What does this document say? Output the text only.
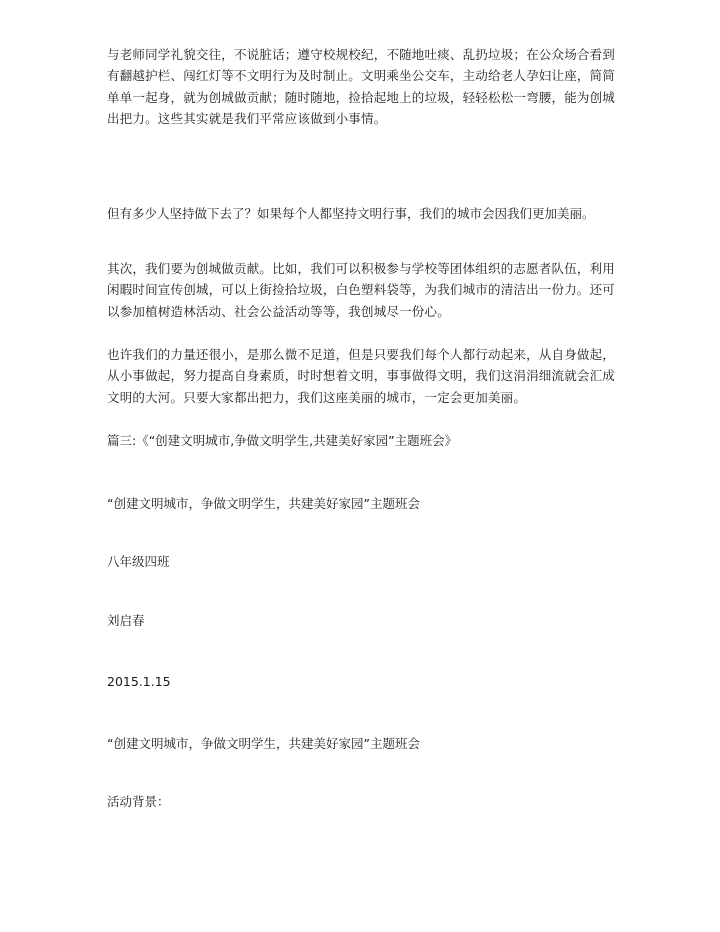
与老师同学礼貌交往，不说脏话；遵守校规校纪，不随地吐痰、乱扔垃圾；在公众场合看到有翻越护栏、闯红灯等不文明行为及时制止。文明乘坐公交车，主动给老人孕妇让座，简简单单一起身，就为创城做贡献；随时随地，捡拾起地上的垃圾，轻轻松松一弯腰，能为创城出把力。这些其实就是我们平常应该做到小事情。

但有多少人坚持做下去了？如果每个人都坚持文明行事，我们的城市会因我们更加美丽。

其次，我们要为创城做贡献。比如，我们可以积极参与学校等团体组织的志愿者队伍，利用闲暇时间宣传创城，可以上街捡拾垃圾，白色塑料袋等，为我们城市的清洁出一份力。还可以参加植树造林活动、社会公益活动等等，我创城尽一份心。

也许我们的力量还很小，是那么微不足道，但是只要我们每个人都行动起来，从自身做起，从小事做起，努力提高自身素质，时时想着文明，事事做得文明，我们这涓涓细流就会汇成文明的大河。只要大家都出把力，我们这座美丽的城市，一定会更加美丽。

篇三:《“创建文明城市,争做文明学生,共建美好家园”主题班会》

“创建文明城市，争做文明学生，共建美好家园”主题班会

八年级四班

刘启春

2015.1.15

“创建文明城市，争做文明学生，共建美好家园”主题班会

活动背景：
